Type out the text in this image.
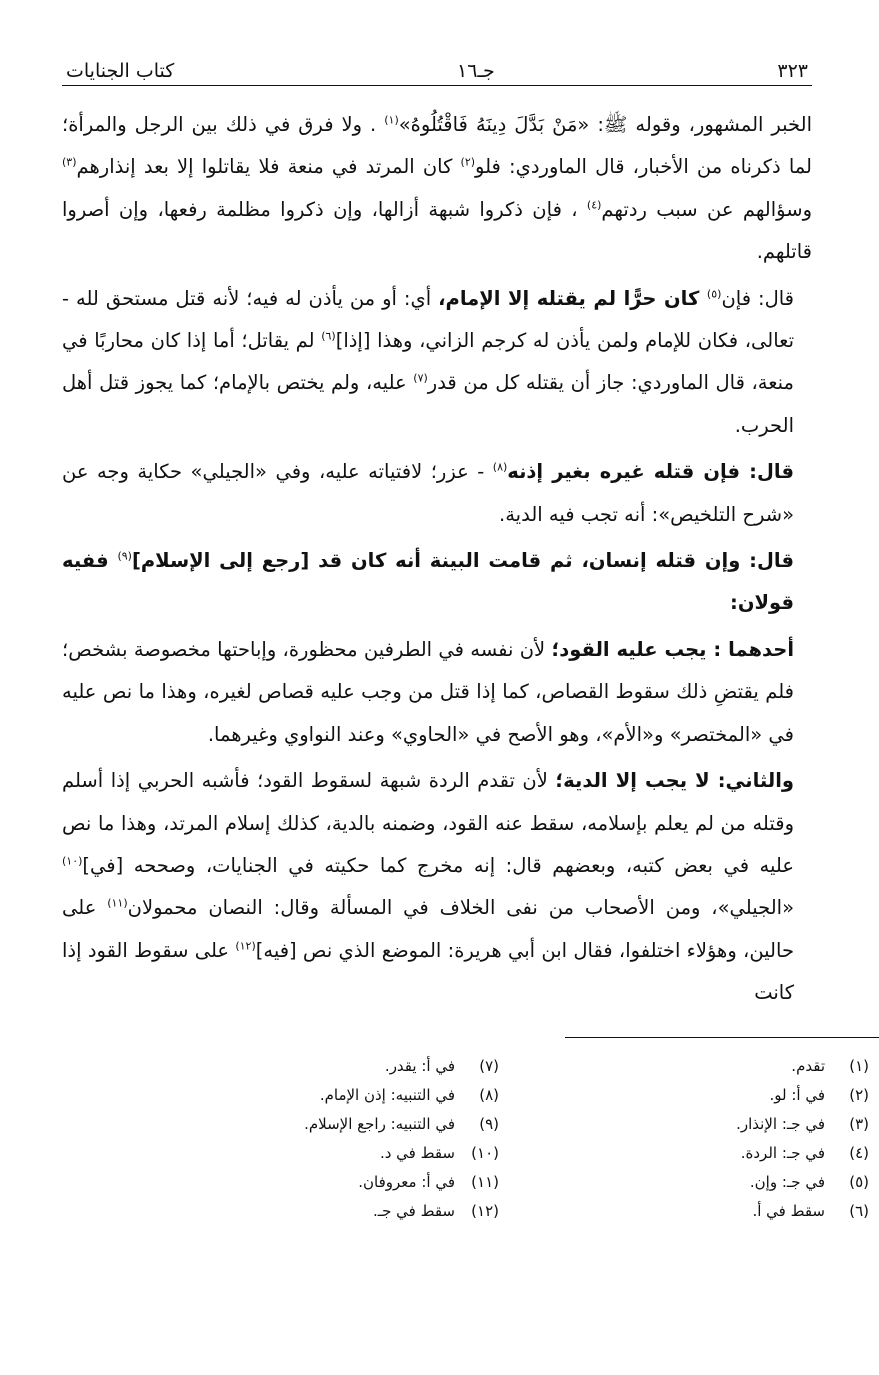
٣٢٣
جـ١٦
كتاب الجنايات

الخبر المشهور، وقوله ﷺ: «مَنْ بَدَّلَ دِينَهُ فَاقْتُلُوهُ»$^{(١)}$ . ولا فرق في ذلك بين الرجل والمرأة؛ لما ذكرناه من الأخبار، قال الماوردي: فلو$^{(٢)}$ كان المرتد في منعة فلا يقاتلوا إلا بعد إنذارهم$^{(٣)}$ وسؤالهم عن سبب ردتهم$^{(٤)}$ ، فإن ذكروا شبهة أزالها، وإن ذكروا مظلمة رفعها، وإن أصروا قاتلهم.

قال: فإن$^{(٥)}$ كان حرًّا لم يقتله إلا الإمام، أي: أو من يأذن له فيه؛ لأنه قتل مستحق لله - تعالى، فكان للإمام ولمن يأذن له كرجم الزاني، وهذا [إذا]$^{(٦)}$ لم يقاتل؛ أما إذا كان محاربًا في منعة، قال الماوردي: جاز أن يقتله كل من قدر$^{(٧)}$ عليه، ولم يختص بالإمام؛ كما يجوز قتل أهل الحرب.

قال: فإن قتله غيره بغير إذنه$^{(٨)}$ - عزر؛ لافتياته عليه، وفي «الجيلي» حكاية وجه عن «شرح التلخيص»: أنه تجب فيه الدية.

قال: وإن قتله إنسان، ثم قامت البينة أنه كان قد [رجع إلى الإسلام]$^{(٩)}$ ففيه قولان:

أحدهما : يجب عليه القود؛ لأن نفسه في الطرفين محظورة، وإباحتها مخصوصة بشخص؛ فلم يقتضِ ذلك سقوط القصاص، كما إذا قتل من وجب عليه قصاص لغيره، وهذا ما نص عليه في «المختصر» و«الأم»، وهو الأصح في «الحاوي» وعند النواوي وغيرهما.

والثاني: لا يجب إلا الدية؛ لأن تقدم الردة شبهة لسقوط القود؛ فأشبه الحربي إذا أسلم وقتله من لم يعلم بإسلامه، سقط عنه القود، وضمنه بالدية، كذلك إسلام المرتد، وهذا ما نص عليه في بعض كتبه، وبعضهم قال: إنه مخرج كما حكيته في الجنايات، وصححه [في]$^{(١٠)}$ «الجيلي»، ومن الأصحاب من نفى الخلاف في المسألة وقال: النصان محمولان$^{(١١)}$ على حالين، وهؤلاء اختلفوا، فقال ابن أبي هريرة: الموضع الذي نص [فيه]$^{(١٢)}$ على سقوط القود إذا كانت

(١)تقدم.

(٢)في أ: لو.

(٣)في جـ: الإنذار.

(٤)في جـ: الردة.

(٥)في جـ: وإن.

(٦)سقط في أ.

(٧)في أ: يقدر.

(٨)في التنبيه: إذن الإمام.

(٩)في التنبيه: راجع الإسلام.

(١٠)سقط في د.

(١١)في أ: معروفان.

(١٢)سقط في جـ.
